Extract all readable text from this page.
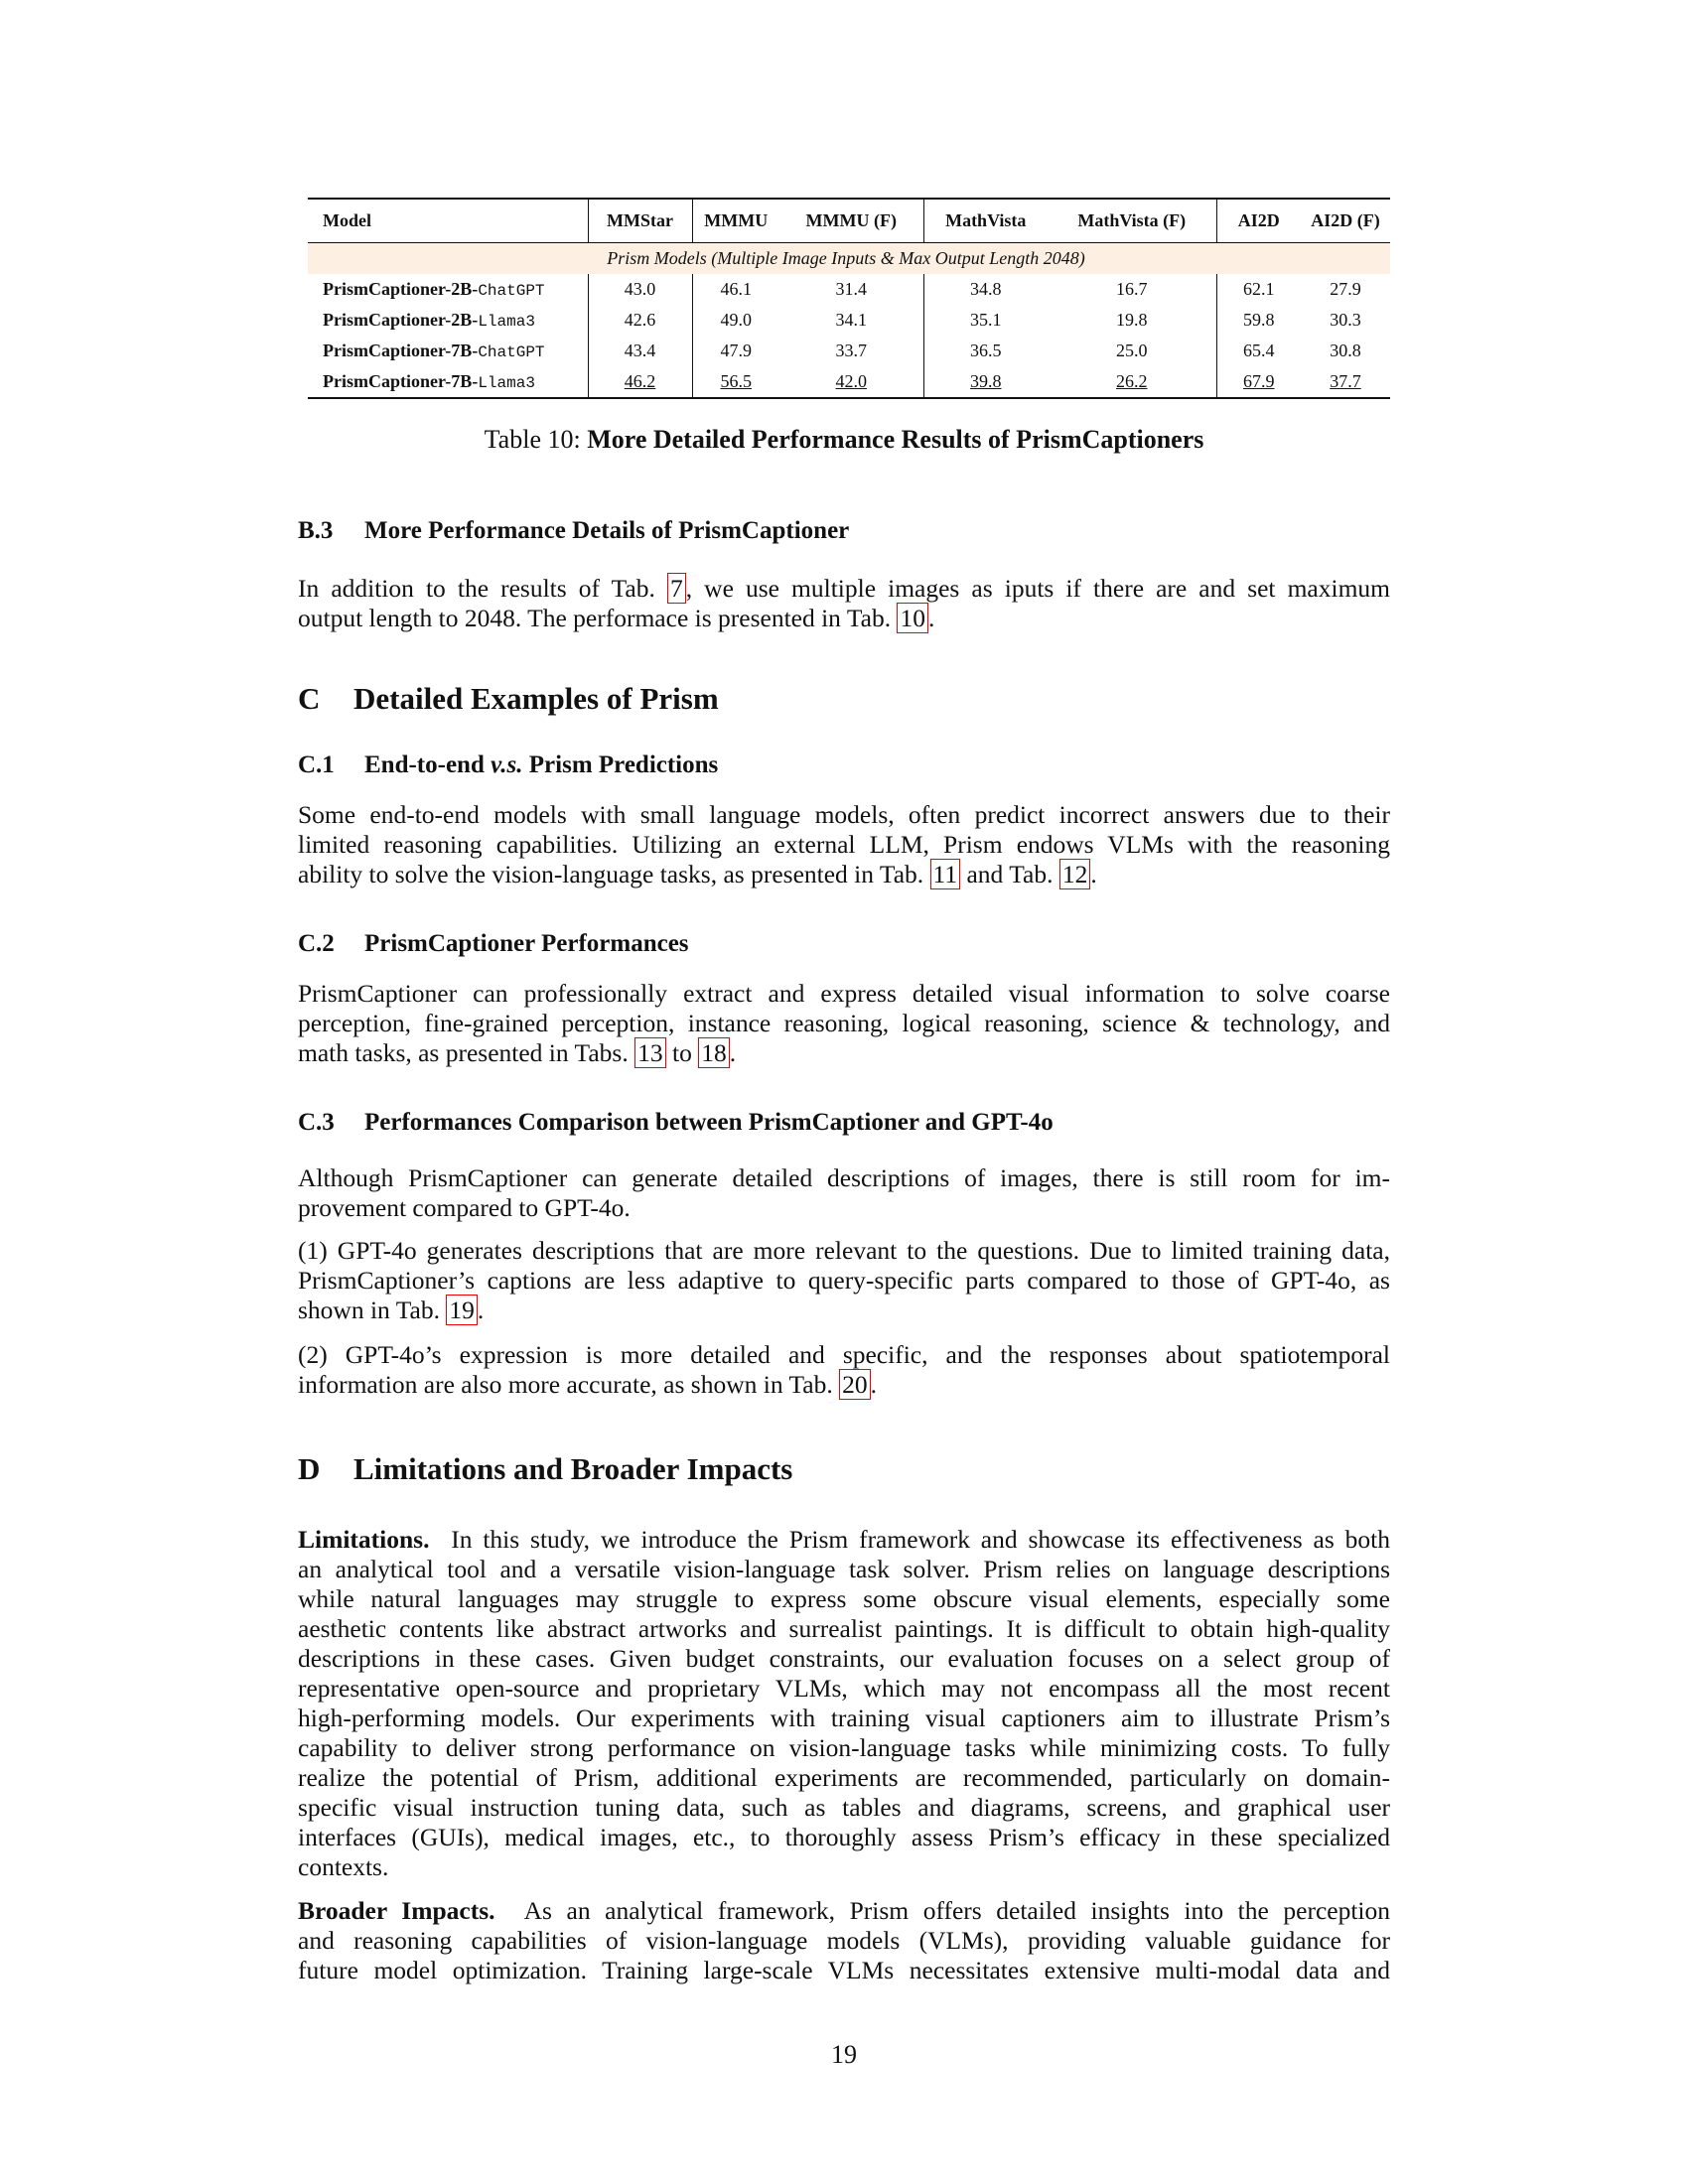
Model	MMStar	MMMU	MMMU (F)	MathVista	MathVista (F)	AI2D	AI2D (F)
Prism Models (Multiple Image Inputs & Max Output Length 2048)							
PrismCaptioner-2B-ChatGPT	43.0	46.1	31.4	34.8	16.7	62.1	27.9
PrismCaptioner-2B-Llama3	42.6	49.0	34.1	35.1	19.8	59.8	30.3
PrismCaptioner-7B-ChatGPT	43.4	47.9	33.7	36.5	25.0	65.4	30.8
PrismCaptioner-7B-Llama3	46.2	56.5	42.0	39.8	26.2	67.9	37.7
Table 10: More Detailed Performance Results of PrismCaptioners
B.3 More Performance Details of PrismCaptioner
In addition to the results of Tab. 7 , we use multiple images as iputs if there are and set maximum
output length to 2048. The performace is presented in Tab. 10 .
C Detailed Examples of Prism
C.1 End-to-end v.s. Prism Predictions
Some end-to-end models with small language models, often predict incorrect answers due to their
limited reasoning capabilities. Utilizing an external LLM, Prism endows VLMs with the reasoning
ability to solve the vision-language tasks, as presented in Tab. 11 and Tab. 12 .
C.2 PrismCaptioner Performances
PrismCaptioner can professionally extract and express detailed visual information to solve coarse
perception, fine-grained perception, instance reasoning, logical reasoning, science & technology, and
math tasks, as presented in Tabs. 13 to 18 .
C.3 Performances Comparison between PrismCaptioner and GPT-4o
Although PrismCaptioner can generate detailed descriptions of images, there is still room for im-
provement compared to GPT-4o.
(1) GPT-4o generates descriptions that are more relevant to the questions. Due to limited training data,
PrismCaptioner’s captions are less adaptive to query-specific parts compared to those of GPT-4o, as
shown in Tab. 19 .
(2) GPT-4o’s expression is more detailed and specific, and the responses about spatiotemporal
information are also more accurate, as shown in Tab. 20 .
D Limitations and Broader Impacts
Limitations. In this study, we introduce the Prism framework and showcase its effectiveness as both
an analytical tool and a versatile vision-language task solver. Prism relies on language descriptions
while natural languages may struggle to express some obscure visual elements, especially some
aesthetic contents like abstract artworks and surrealist paintings. It is difficult to obtain high-quality
descriptions in these cases. Given budget constraints, our evaluation focuses on a select group of
representative open-source and proprietary VLMs, which may not encompass all the most recent
high-performing models. Our experiments with training visual captioners aim to illustrate Prism’s
capability to deliver strong performance on vision-language tasks while minimizing costs. To fully
realize the potential of Prism, additional experiments are recommended, particularly on domain-
specific visual instruction tuning data, such as tables and diagrams, screens, and graphical user
interfaces (GUIs), medical images, etc., to thoroughly assess Prism’s efficacy in these specialized
contexts.
Broader Impacts. As an analytical framework, Prism offers detailed insights into the perception
and reasoning capabilities of vision-language models (VLMs), providing valuable guidance for
future model optimization. Training large-scale VLMs necessitates extensive multi-modal data and
19
